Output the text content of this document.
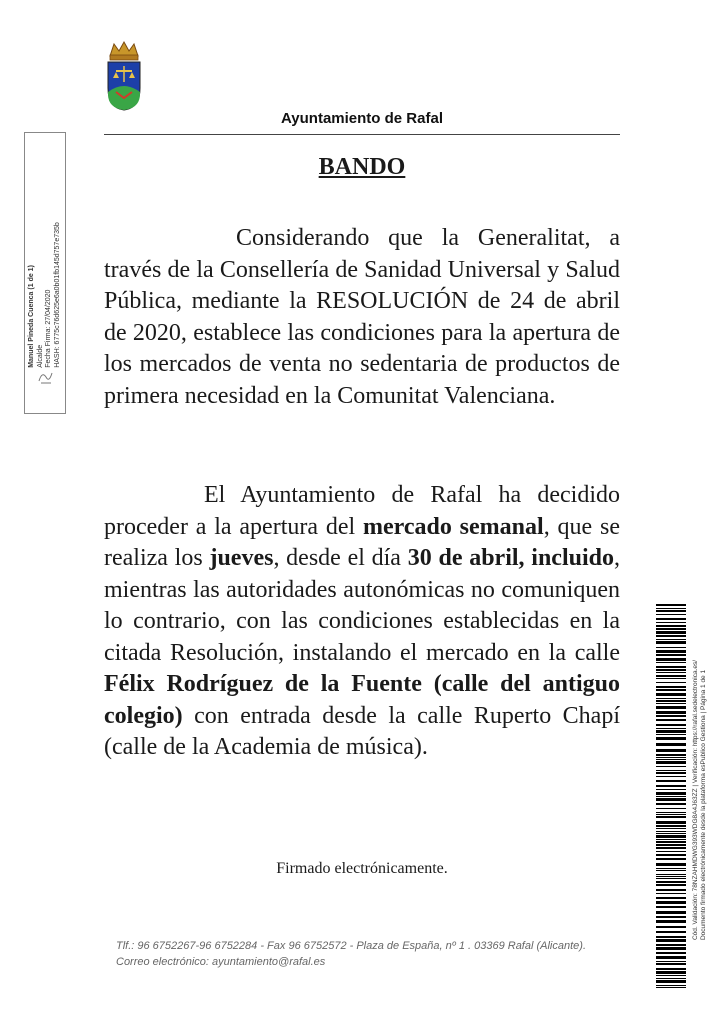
Ayuntamiento de Rafal
Manuel Pineda Cuenca (1 de 1) Alcalde Fecha Firma: 27/04/2020 HASH: 6775c76d625e6a0b01fb145d757e735b
BANDO

Considerando que la Generalitat, a través de la Consellería de Sanidad Universal y Salud Pública, mediante la RESOLUCIÓN de 24 de abril de 2020, establece las condiciones para la apertura de los mercados de venta no sedentaria de productos de primera necesidad en la Comunitat Valenciana.

El Ayuntamiento de Rafal ha decidido proceder a la apertura del mercado semanal, que se realiza los jueves, desde el día 30 de abril, incluido, mientras las autoridades autonómicas no comuniquen lo contrario, con las condiciones establecidas en la citada Resolución, instalando el mercado en la calle Félix Rodríguez de la Fuente (calle del antiguo colegio) con entrada desde la calle Ruperto Chapí (calle de la Academia de música).

Firmado electrónicamente.
Tlf.: 96 6752267-96 6752284 - Fax 96 6752572 - Plaza de España, nº 1 . 03369 Rafal (Alicante).
Correo electrónico: ayuntamiento@rafal.es
Cód. Validación: 78NZAHMDWG393WDG8A4J63ZZ | Verificación: https://rafal.sedelectronica.es/ Documento firmado electrónicamente desde la plataforma esPublico Gestiona | Página 1 de 1
